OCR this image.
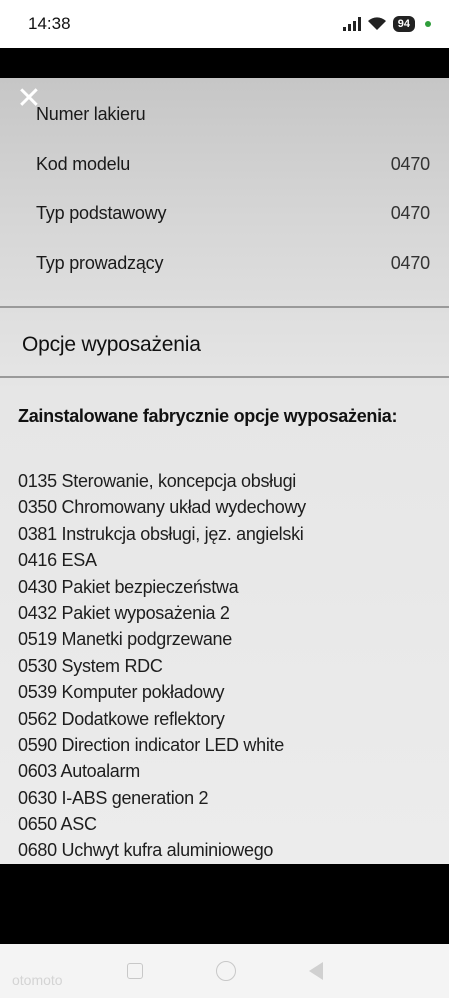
14:38	94
✕
Numer lakieru
Kod modelu	0470
Typ podstawowy	0470
Typ prowadzący	0470
Opcje wyposażenia
Zainstalowane fabrycznie opcje wyposażenia:
0135 Sterowanie, koncepcja obsługi
0350 Chromowany układ wydechowy
0381 Instrukcja obsługi, jęz. angielski
0416 ESA
0430 Pakiet bezpieczeństwa
0432 Pakiet wyposażenia 2
0519 Manetki podgrzewane
0530 System RDC
0539 Komputer pokładowy
0562 Dodatkowe reflektory
0590 Direction indicator LED white
0603 Autoalarm
0630 I-ABS generation 2
0650 ASC
0680 Uchwyt kufra aluminiowego
otomoto
